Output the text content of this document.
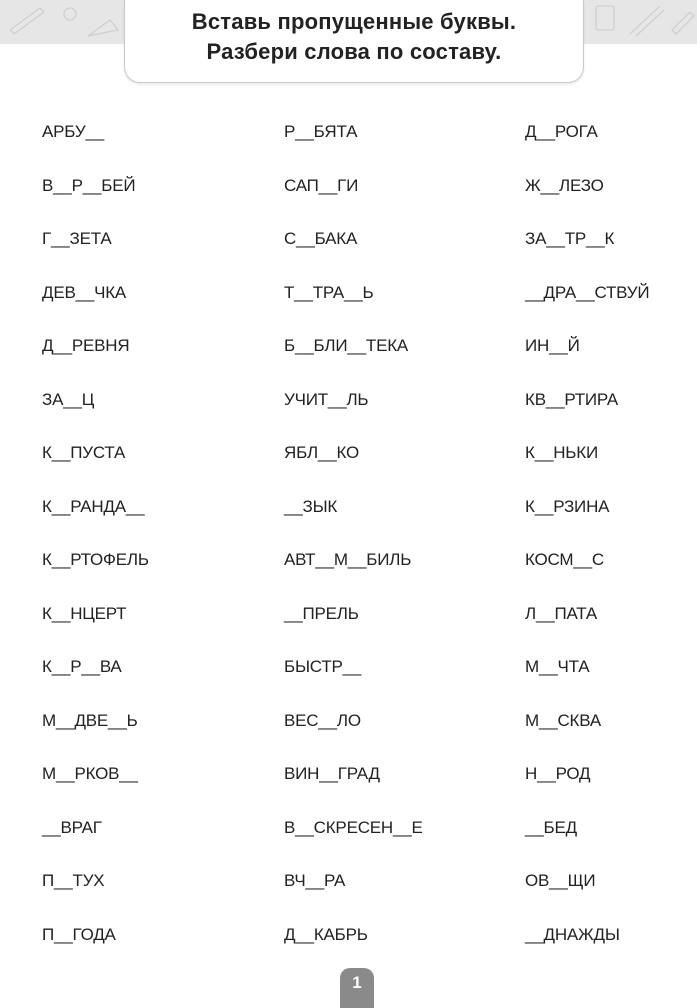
Вставь пропущенные буквы.
Разбери слова по составу.
АРБУ__
В__Р__БЕЙ
Г__ЗЕТА
ДЕВ__ЧКА
Д__РЕВНЯ
ЗА__Ц
К__ПУСТА
К__РАНДА__
К__РТОФЕЛЬ
К__НЦЕРТ
К__Р__ВА
М__ДВЕ__Ь
М__РКОВ__
__ВРАГ
П__ТУХ
П__ГОДА
Р__БЯТА
САП__ГИ
С__БАКА
Т__ТРА__Ь
Б__БЛИ__ТЕКА
УЧИТ__ЛЬ
ЯБЛ__КО
__ЗЫК
АВТ__М__БИЛЬ
__ПРЕЛЬ
БЫСТР__
ВЕС__ЛО
ВИН__ГРАД
В__СКРЕСЕН__Е
ВЧ__РА
Д__КАБРЬ
Д__РОГА
Ж__ЛЕЗО
ЗА__ТР__К
__ДРА__СТВУЙ
ИН__Й
КВ__РТИРА
К__НЬКИ
К__РЗИНА
КОСМ__С
Л__ПАТА
М__ЧТА
М__СКВА
Н__РОД
__БЕД
ОВ__ЩИ
__ДНАЖДЫ
1
